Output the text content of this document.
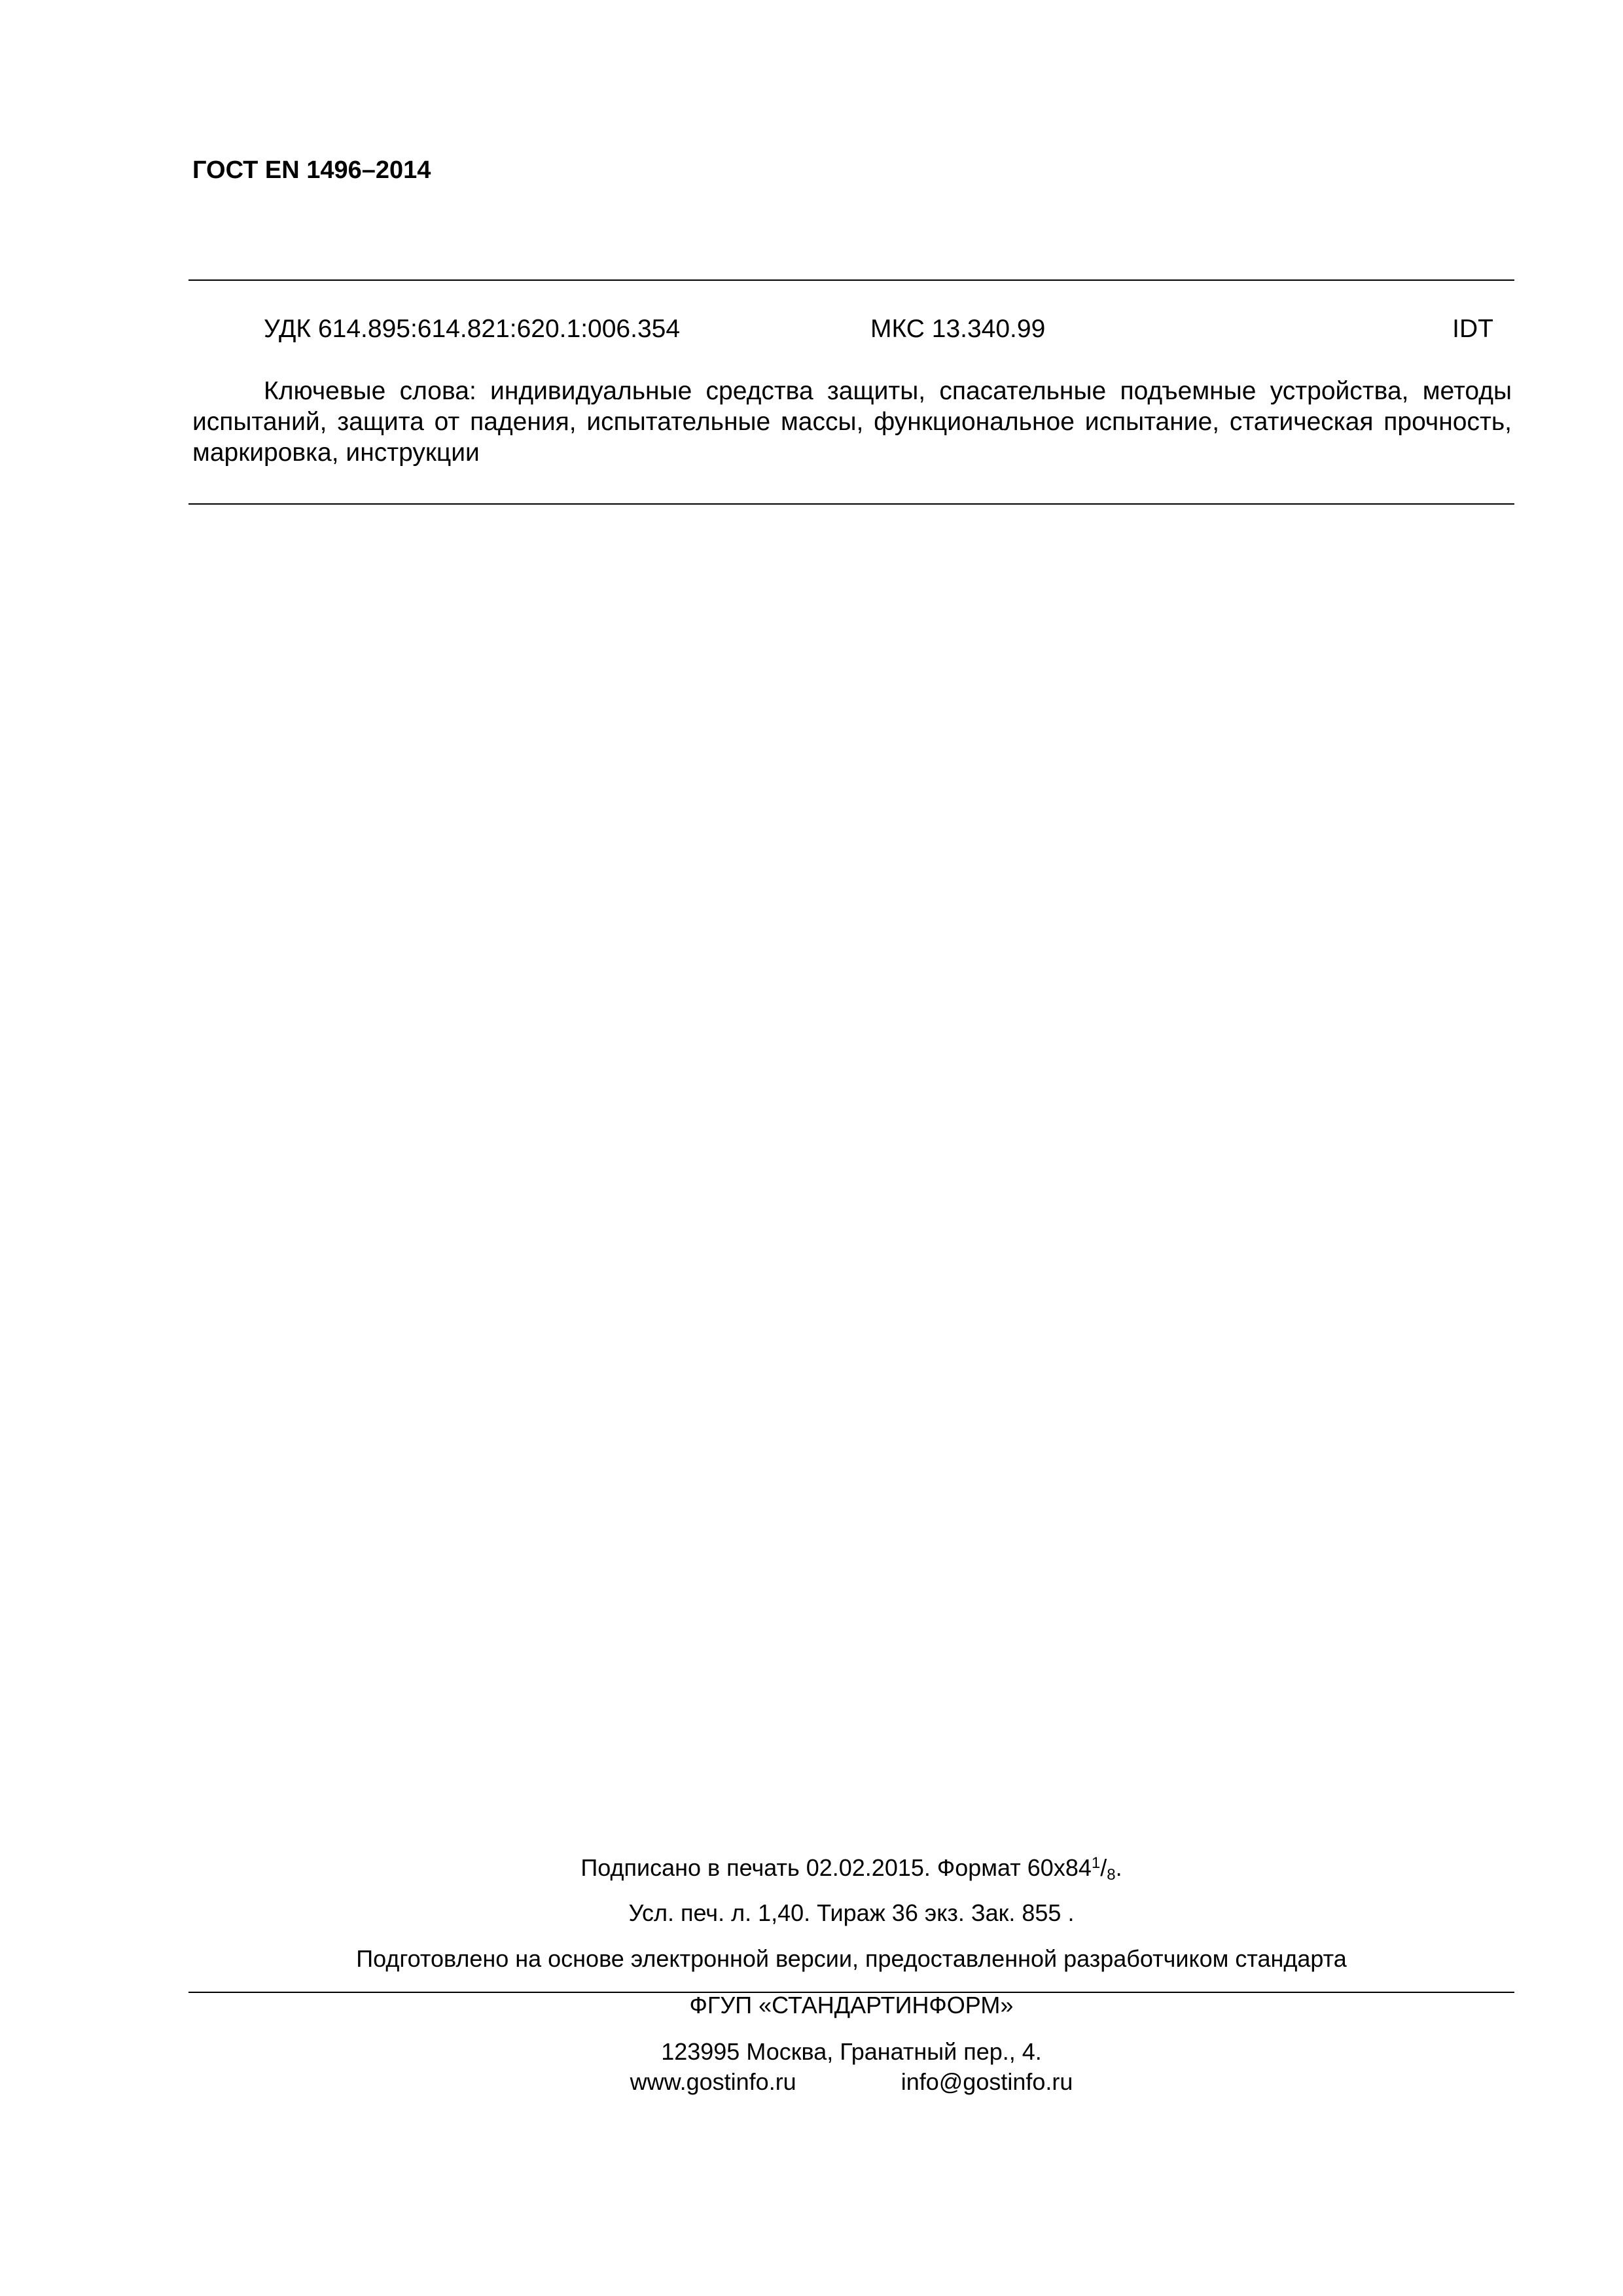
ГОСТ EN 1496–2014
УДК 614.895:614.821:620.1:006.354	МКС 13.340.99	IDT
Ключевые слова: индивидуальные средства защиты, спасательные подъемные устройства, методы испытаний, защита от падения, испытательные массы, функциональное испытание, статическая прочность, маркировка, инструкции
Подписано в печать 02.02.2015. Формат $60x84^1/_8$.
Усл. печ. л. 1,40. Тираж 36 экз. Зак. 855 .
Подготовлено на основе электронной версии, предоставленной разработчиком стандарта
ФГУП «СТАНДАРТИНФОРМ»
123995 Москва, Гранатный пер., 4.
www.gostinfo.ru	info@gostinfo.ru
